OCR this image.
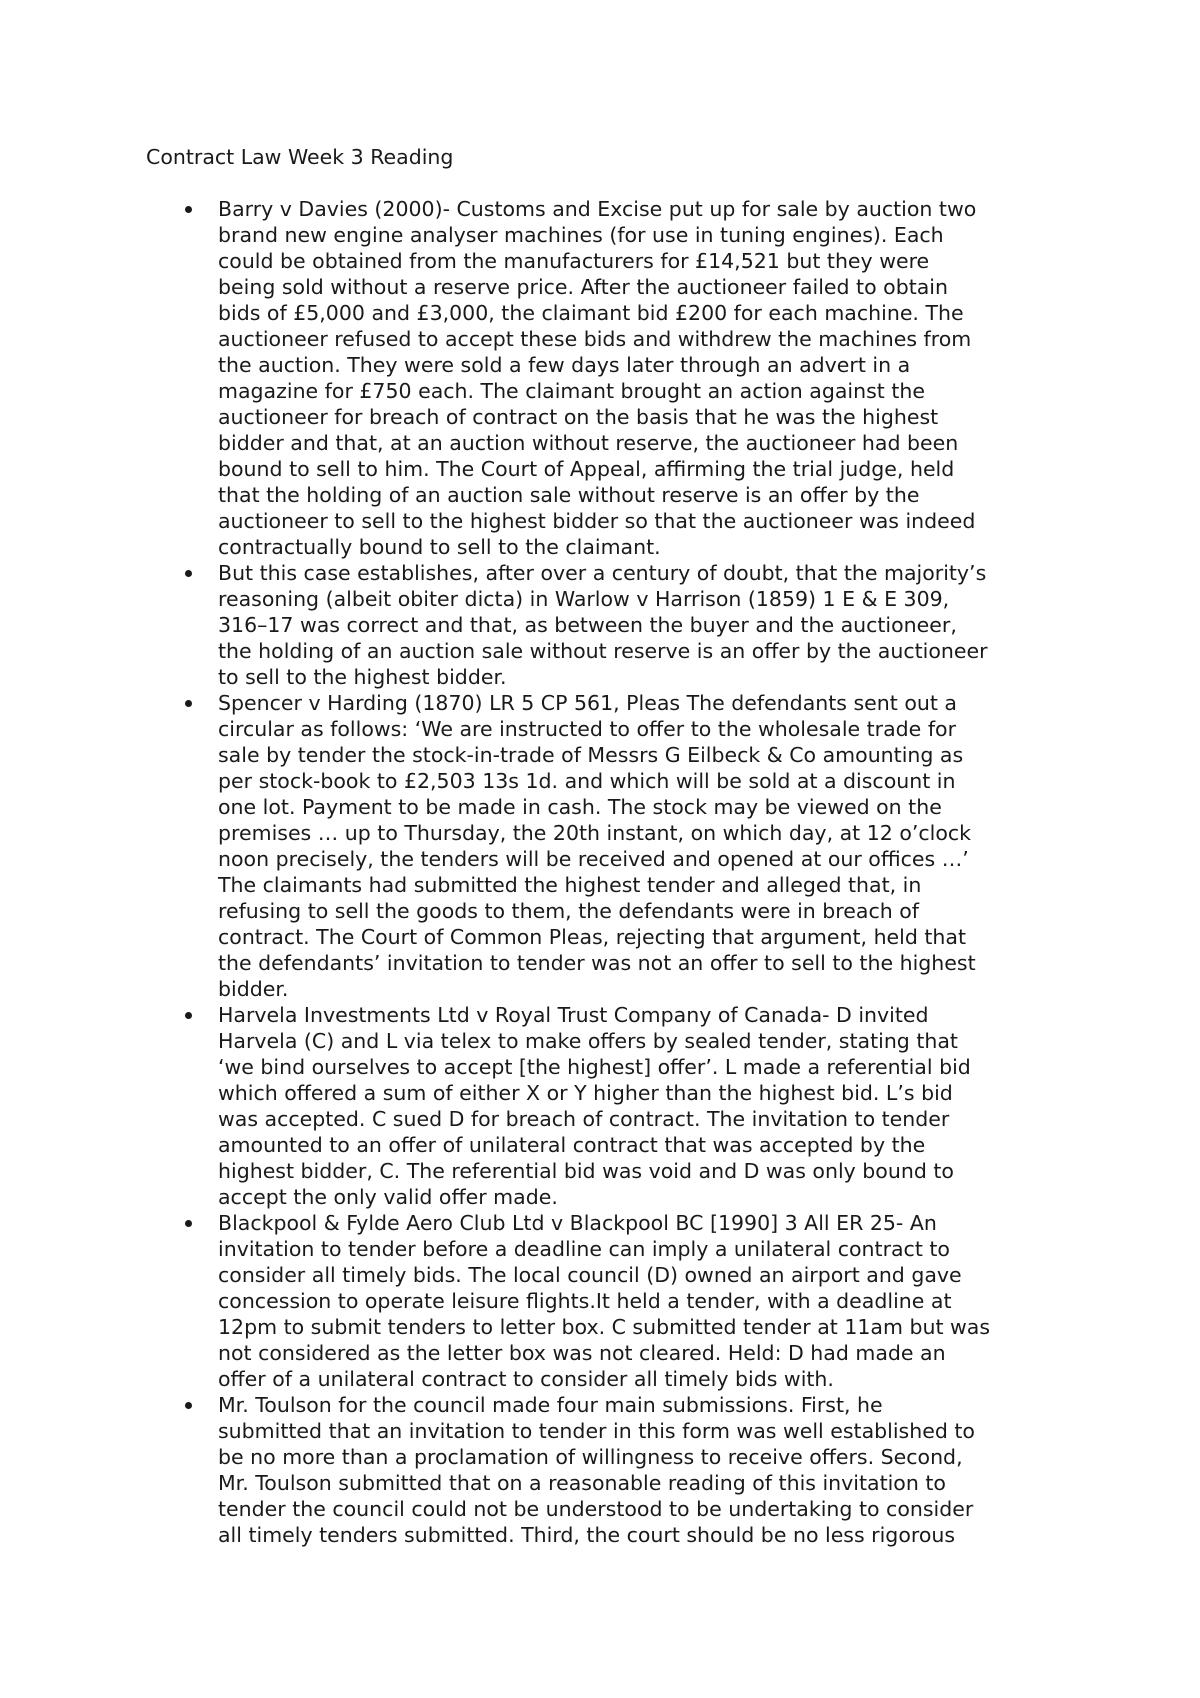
Contract Law Week 3 Reading
Barry v Davies (2000)- Customs and Excise put up for sale by auction two
brand new engine analyser machines (for use in tuning engines). Each
could be obtained from the manufacturers for £14,521 but they were
being sold without a reserve price. After the auctioneer failed to obtain
bids of £5,000 and £3,000, the claimant bid £200 for each machine. The
auctioneer refused to accept these bids and withdrew the machines from
the auction. They were sold a few days later through an advert in a
magazine for £750 each. The claimant brought an action against the
auctioneer for breach of contract on the basis that he was the highest
bidder and that, at an auction without reserve, the auctioneer had been
bound to sell to him. The Court of Appeal, affirming the trial judge, held
that the holding of an auction sale without reserve is an offer by the
auctioneer to sell to the highest bidder so that the auctioneer was indeed
contractually bound to sell to the claimant.
But this case establishes, after over a century of doubt, that the majority’s
reasoning (albeit obiter dicta) in Warlow v Harrison (1859) 1 E & E 309,
316–17 was correct and that, as between the buyer and the auctioneer,
the holding of an auction sale without reserve is an offer by the auctioneer
to sell to the highest bidder.
Spencer v Harding (1870) LR 5 CP 561, Pleas The defendants sent out a
circular as follows: ‘We are instructed to offer to the wholesale trade for
sale by tender the stock-in-trade of Messrs G Eilbeck & Co amounting as
per stock-book to £2,503 13s 1d. and which will be sold at a discount in
one lot. Payment to be made in cash. The stock may be viewed on the
premises … up to Thursday, the 20th instant, on which day, at 12 o’clock
noon precisely, the tenders will be received and opened at our offices …’
The claimants had submitted the highest tender and alleged that, in
refusing to sell the goods to them, the defendants were in breach of
contract. The Court of Common Pleas, rejecting that argument, held that
the defendants’ invitation to tender was not an offer to sell to the highest
bidder.
Harvela Investments Ltd v Royal Trust Company of Canada- D invited
Harvela (C) and L via telex to make offers by sealed tender, stating that
‘we bind ourselves to accept [the highest] offer’. L made a referential bid
which offered a sum of either X or Y higher than the highest bid. L’s bid
was accepted. C sued D for breach of contract. The invitation to tender
amounted to an offer of unilateral contract that was accepted by the
highest bidder, C. The referential bid was void and D was only bound to
accept the only valid offer made.
Blackpool & Fylde Aero Club Ltd v Blackpool BC [1990] 3 All ER 25- An
invitation to tender before a deadline can imply a unilateral contract to
consider all timely bids. The local council (D) owned an airport and gave
concession to operate leisure flights.It held a tender, with a deadline at
12pm to submit tenders to letter box. C submitted tender at 11am but was
not considered as the letter box was not cleared. Held: D had made an
offer of a unilateral contract to consider all timely bids with.
Mr. Toulson for the council made four main submissions. First, he
submitted that an invitation to tender in this form was well established to
be no more than a proclamation of willingness to receive offers. Second,
Mr. Toulson submitted that on a reasonable reading of this invitation to
tender the council could not be understood to be undertaking to consider
all timely tenders submitted. Third, the court should be no less rigorous
